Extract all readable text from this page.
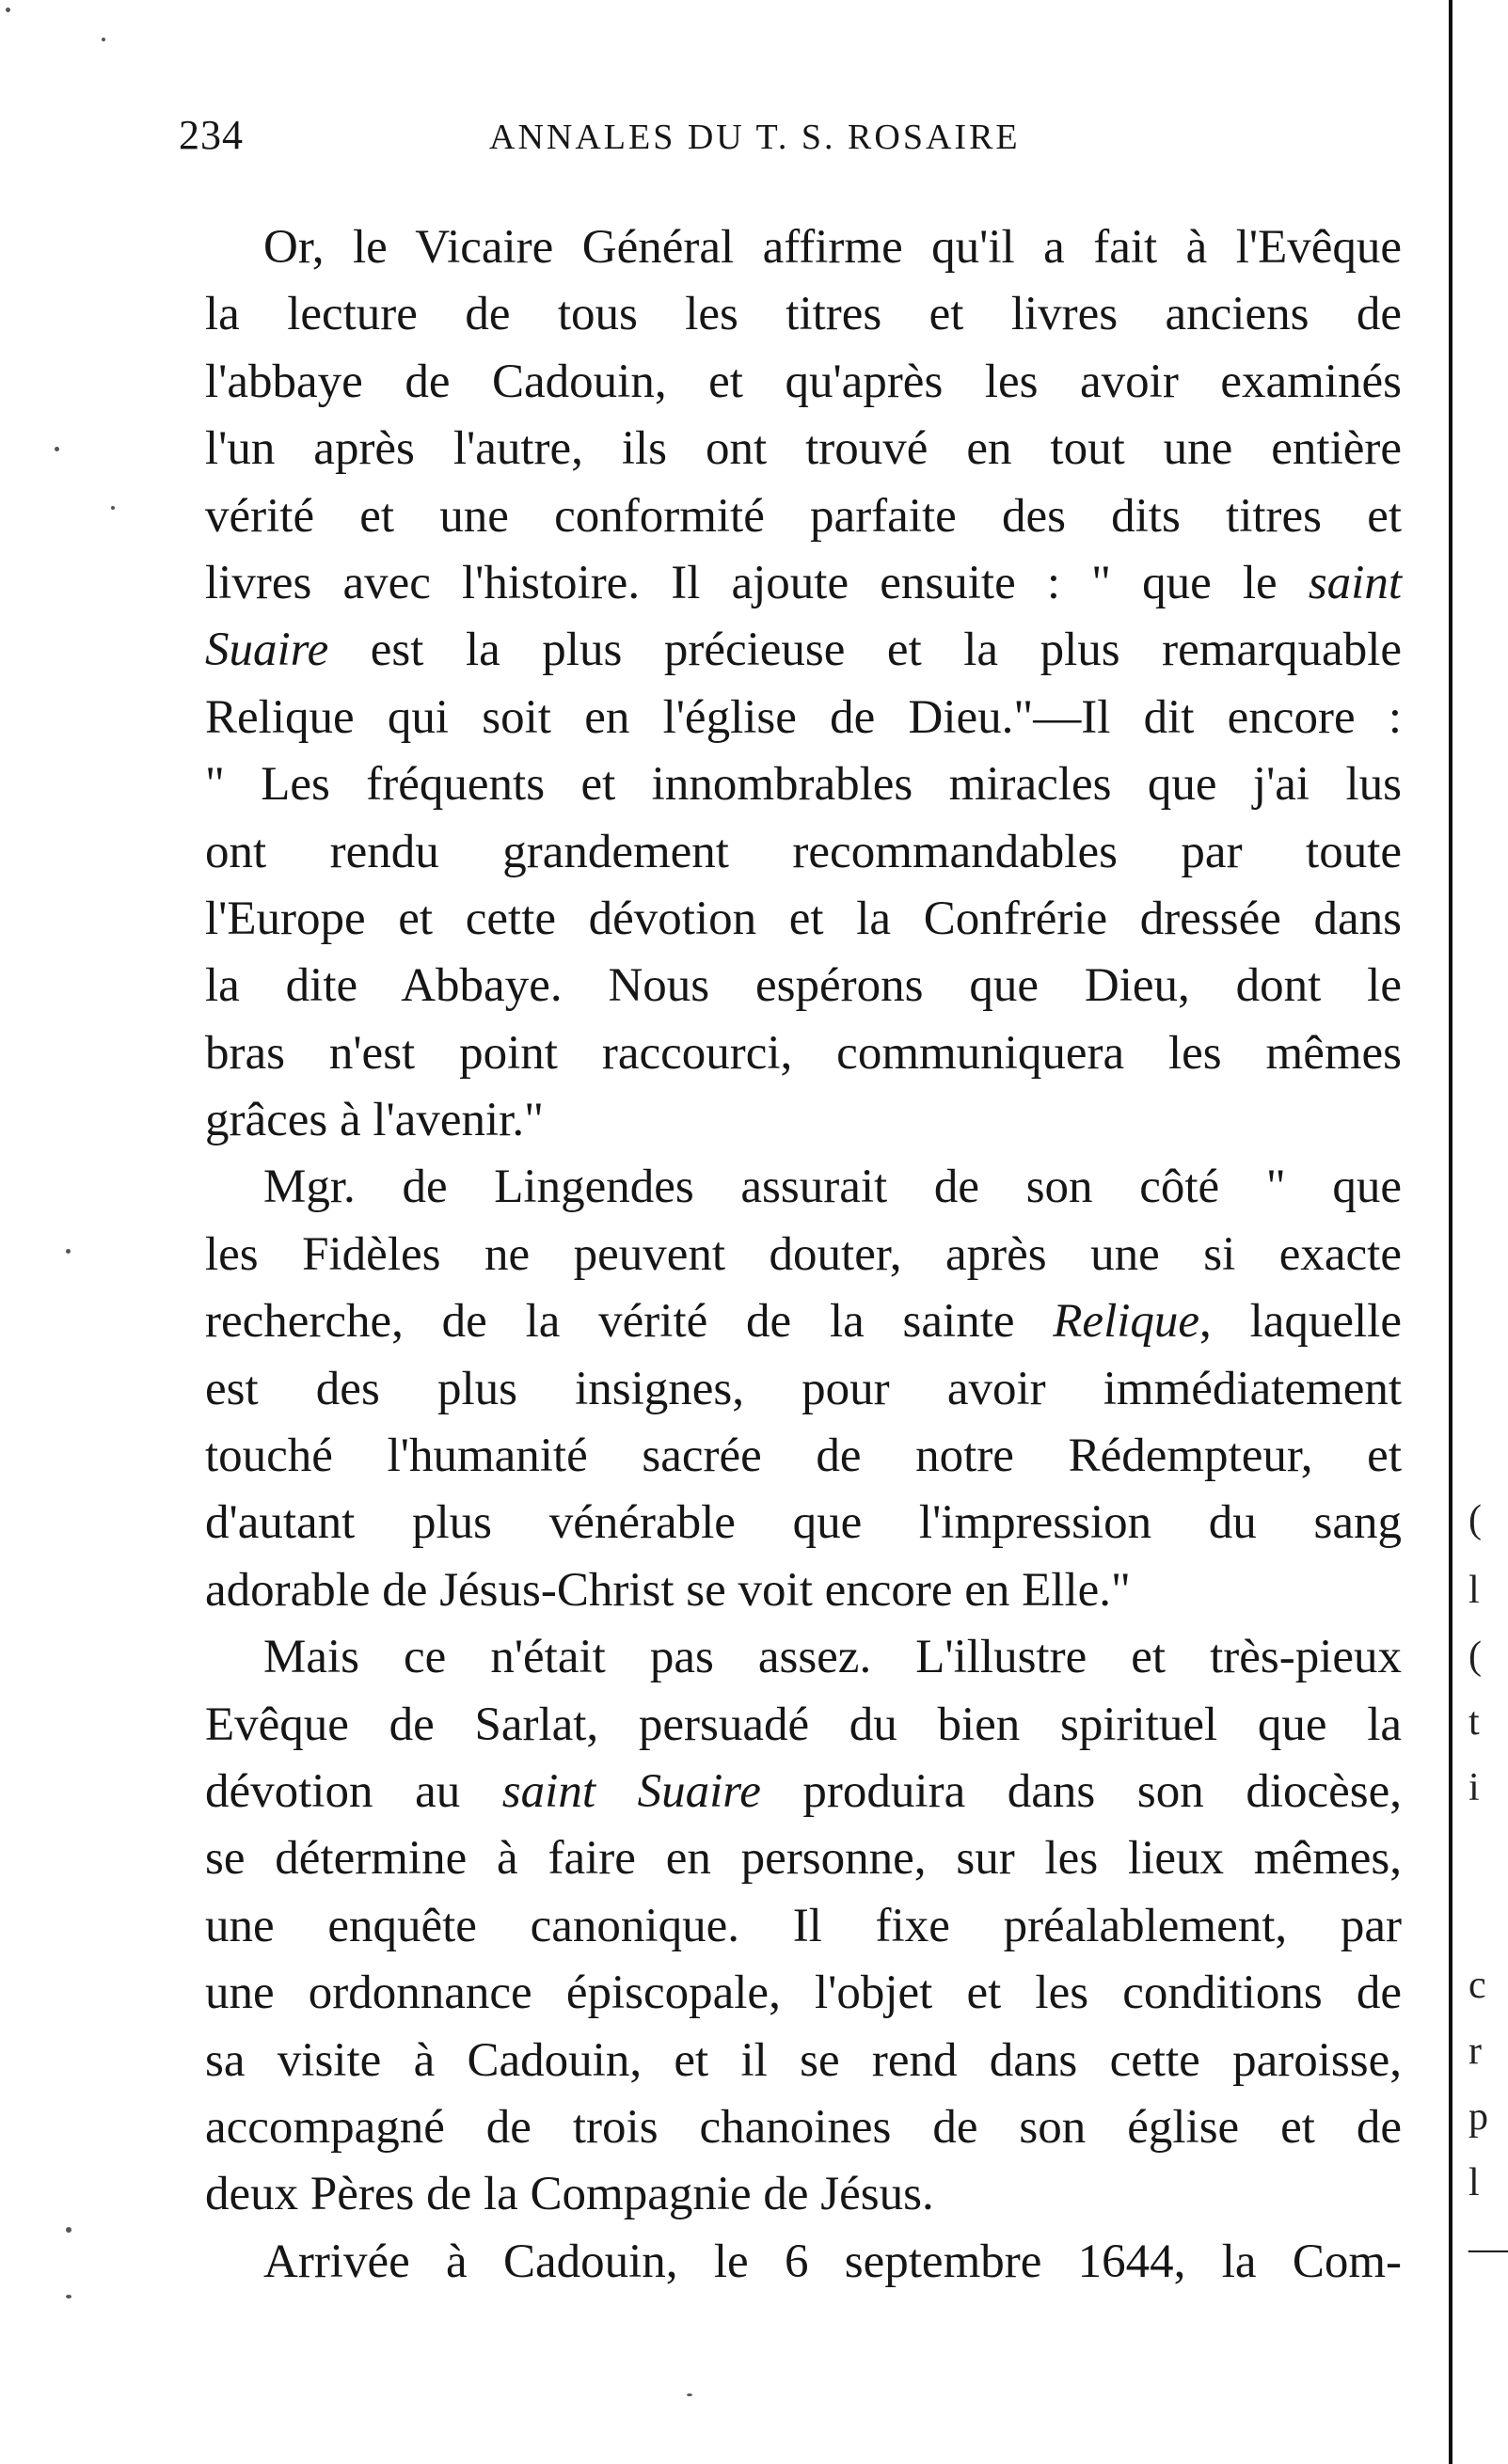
234	ANNALES DU T. S. ROSAIRE
Or, le Vicaire Général affirme qu'il a fait à l'Evêque
la lecture de tous les titres et livres anciens de
l'abbaye de Cadouin, et qu'après les avoir examinés
l'un après l'autre, ils ont trouvé en tout une entière
vérité et une conformité parfaite des dits titres et
livres avec l'histoire. Il ajoute ensuite : " que le saint
Suaire est la plus précieuse et la plus remarquable
Relique qui soit en l'église de Dieu."—Il dit encore :
" Les fréquents et innombrables miracles que j'ai lus
ont rendu grandement recommandables par toute
l'Europe et cette dévotion et la Confrérie dressée dans
la dite Abbaye. Nous espérons que Dieu, dont le
bras n'est point raccourci, communiquera les mêmes
grâces à l'avenir."
Mgr. de Lingendes assurait de son côté " que
les Fidèles ne peuvent douter, après une si exacte
recherche, de la vérité de la sainte Relique, laquelle
est des plus insignes, pour avoir immédiatement
touché l'humanité sacrée de notre Rédempteur, et
d'autant plus vénérable que l'impression du sang
adorable de Jésus-Christ se voit encore en Elle."
Mais ce n'était pas assez. L'illustre et très-pieux
Evêque de Sarlat, persuadé du bien spirituel que la
dévotion au saint Suaire produira dans son diocèse,
se détermine à faire en personne, sur les lieux mêmes,
une enquête canonique. Il fixe préalablement, par
une ordonnance épiscopale, l'objet et les conditions de
sa visite à Cadouin, et il se rend dans cette paroisse,
accompagné de trois chanoines de son église et de
deux Pères de la Compagnie de Jésus.
Arrivée à Cadouin, le 6 septembre 1644, la Com-
(
l
(
t
i
c
r
p
l
—
